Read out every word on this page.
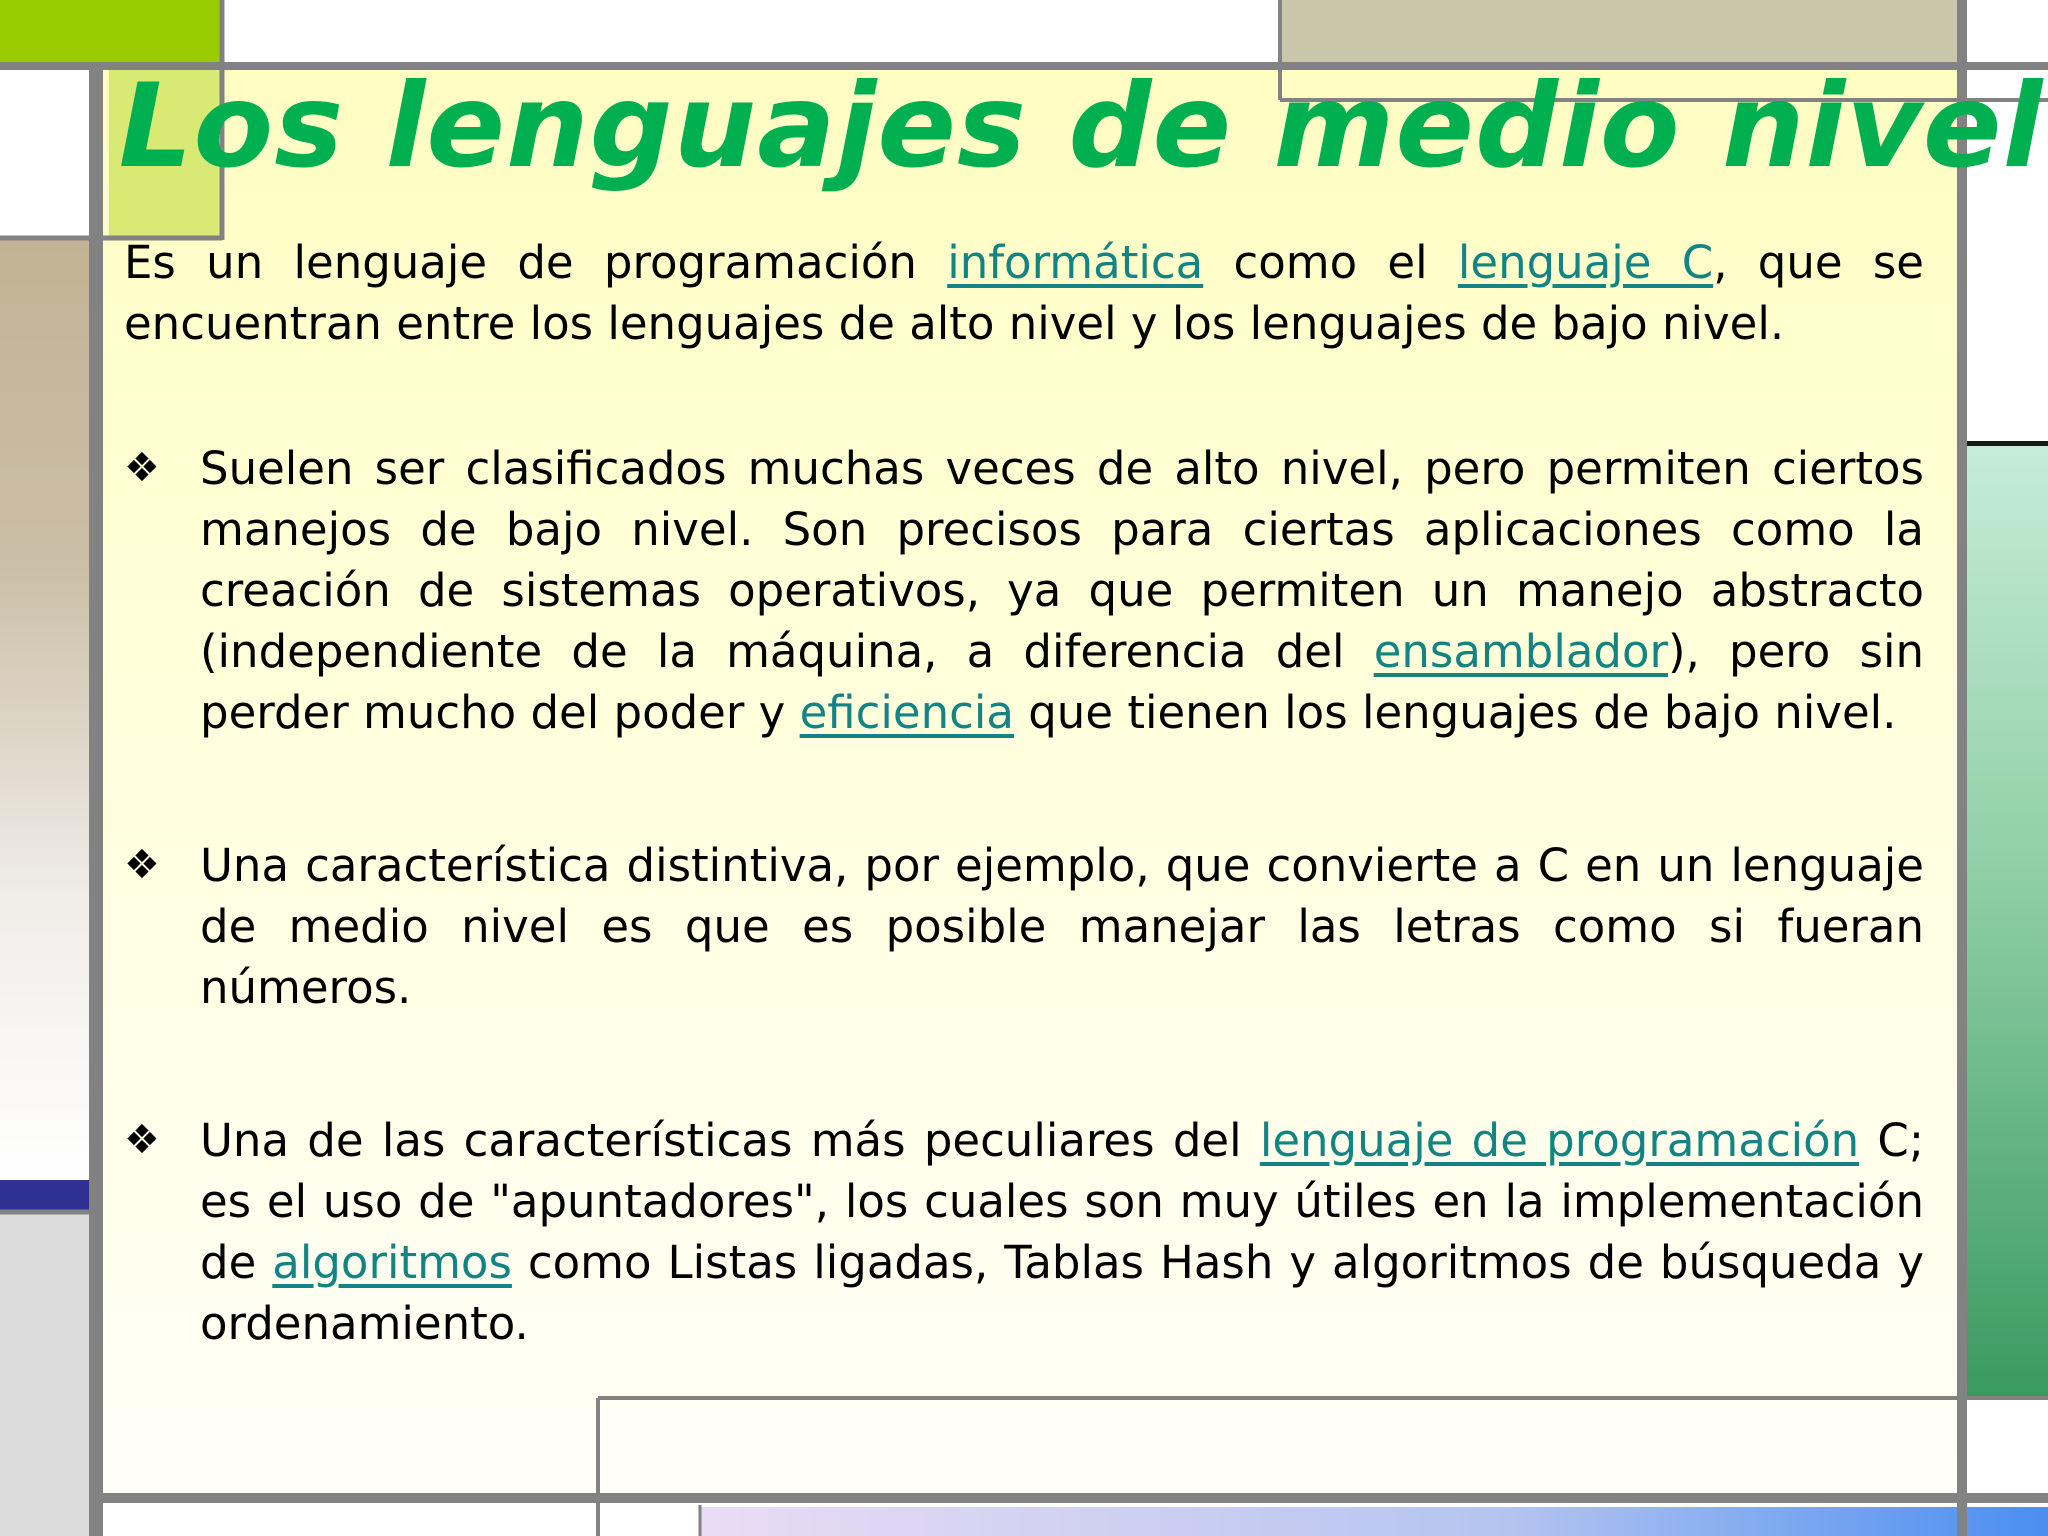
Los lenguajes de medio nivel

Es un lenguaje de programación informática como el lenguaje C, que se encuentran entre los lenguajes de alto nivel y los lenguajes de bajo nivel.

❖ Suelen ser clasificados muchas veces de alto nivel, pero permiten ciertos manejos de bajo nivel. Son precisos para ciertas aplicaciones como la creación de sistemas operativos, ya que permiten un manejo abstracto (independiente de la máquina, a diferencia del ensamblador), pero sin perder mucho del poder y eficiencia que tienen los lenguajes de bajo nivel.

❖ Una característica distintiva, por ejemplo, que convierte a C en un lenguaje de medio nivel es que es posible manejar las letras como si fueran números.

❖ Una de las características más peculiares del lenguaje de programación C; es el uso de "apuntadores", los cuales son muy útiles en la implementación de algoritmos como Listas ligadas, Tablas Hash y algoritmos de búsqueda y ordenamiento.
